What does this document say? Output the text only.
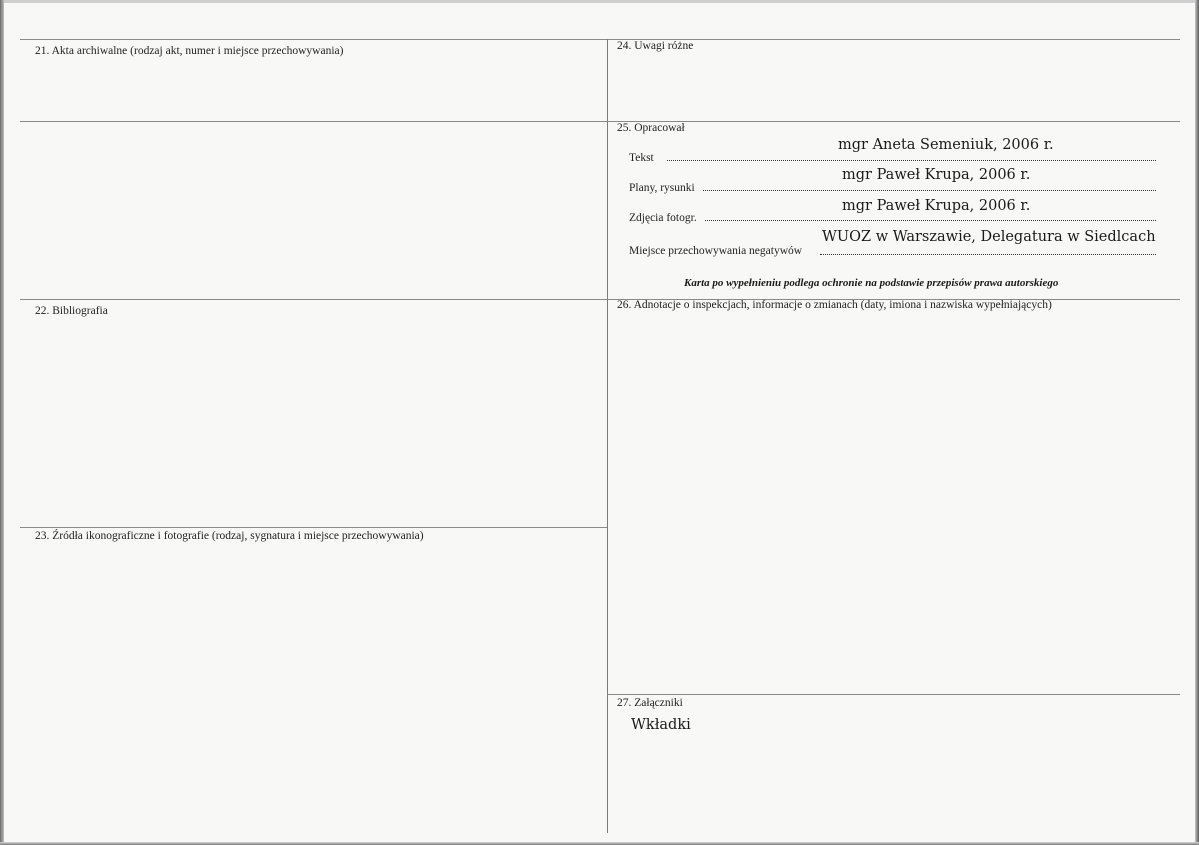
21. Akta archiwalne (rodzaj akt, numer i miejsce przechowywania)
22. Bibliografia
23. Źródła ikonograficzne i fotografie (rodzaj, sygnatura i miejsce przechowywania)
24. Uwagi różne
25. Opracował
mgr Aneta Semeniuk, 2006 r.
Tekst
mgr Paweł Krupa, 2006 r.
Plany, rysunki
mgr Paweł Krupa, 2006 r.
Zdjęcia fotogr.
WUOZ w Warszawie, Delegatura w Siedlcach
Miejsce przechowywania negatywów
Karta po wypełnieniu podlega ochronie na podstawie przepisów prawa autorskiego
26. Adnotacje o inspekcjach, informacje o zmianach (daty, imiona i nazwiska wypełniających)
27. Załączniki
Wkładki
